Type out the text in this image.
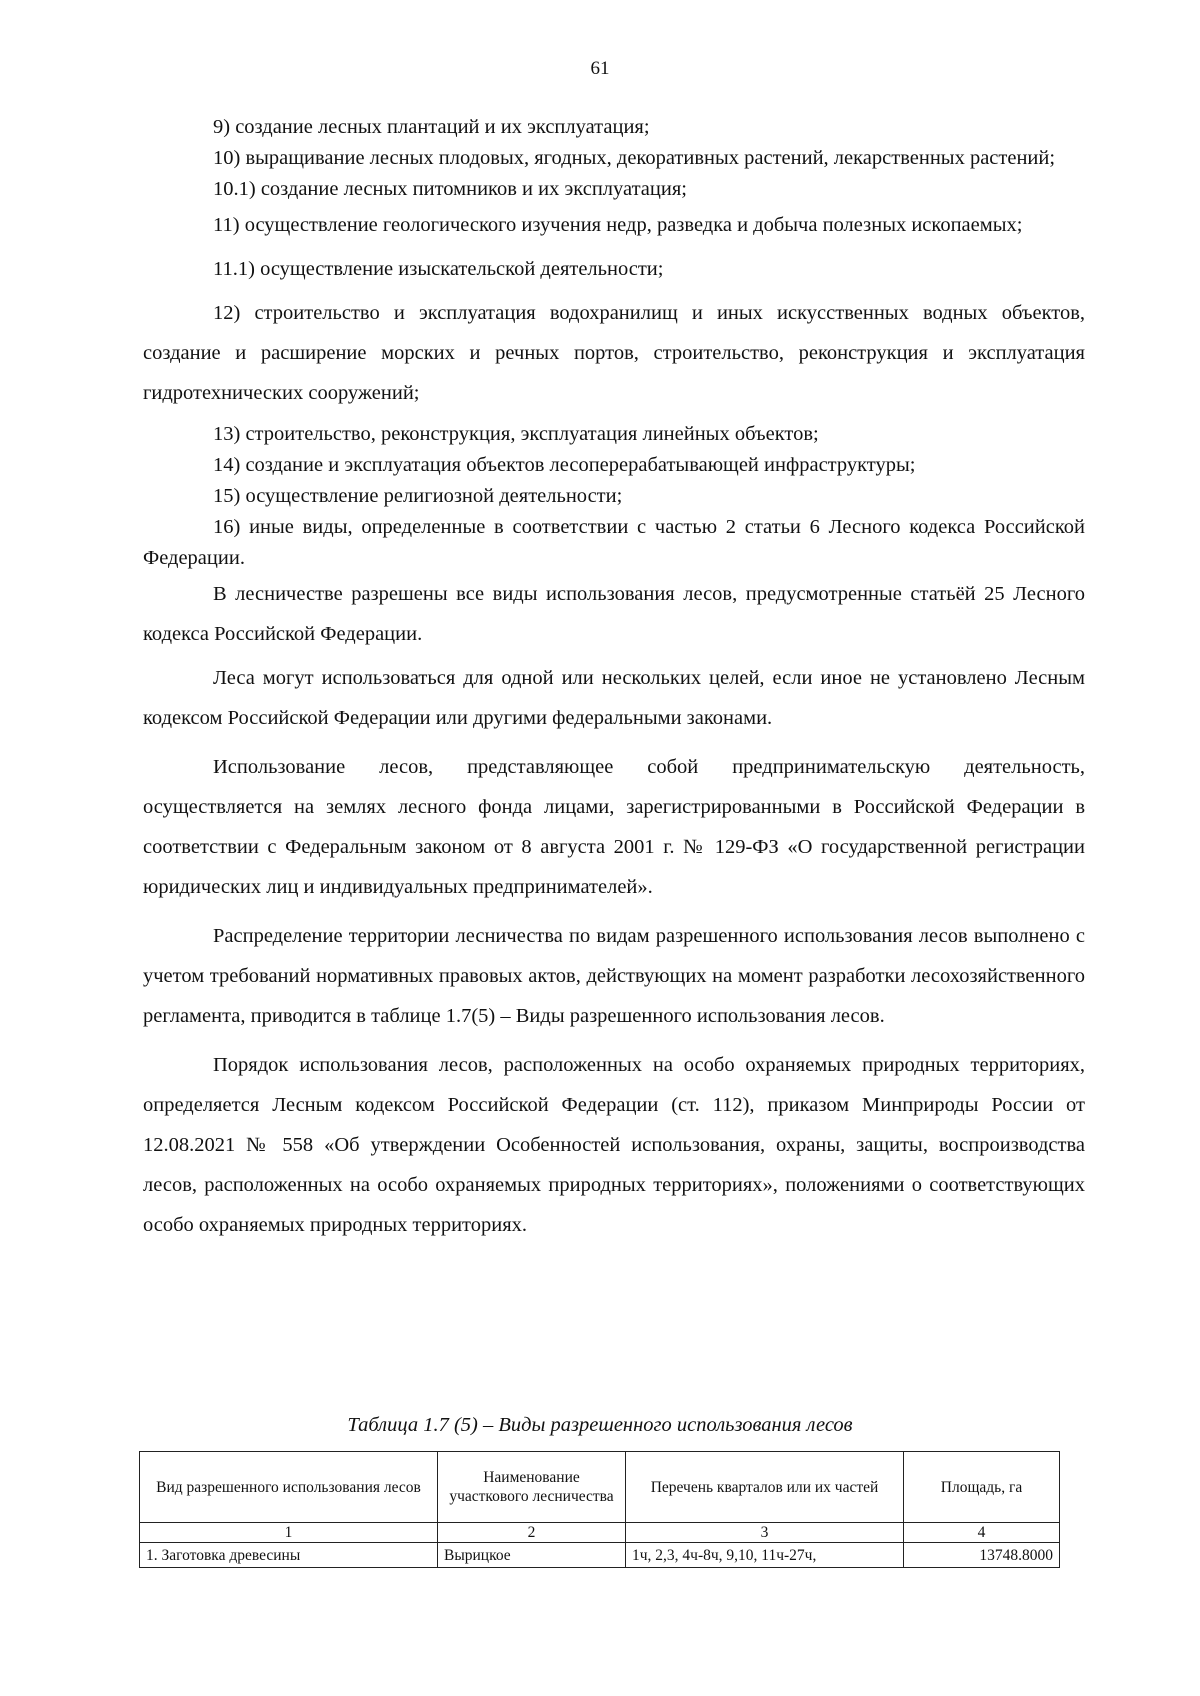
61

9) создание лесных плантаций и их эксплуатация;

10) выращивание лесных плодовых, ягодных, декоративных растений, лекарственных растений;

10.1) создание лесных питомников и их эксплуатация;

11) осуществление геологического изучения недр, разведка и добыча полезных ископаемых;

11.1) осуществление изыскательской деятельности;

12) строительство и эксплуатация водохранилищ и иных искусственных водных объектов, создание и расширение морских и речных портов, строительство, реконструкция и эксплуатация гидротехнических сооружений;

13) строительство, реконструкция, эксплуатация линейных объектов;

14) создание и эксплуатация объектов лесоперерабатывающей инфраструктуры;

15) осуществление религиозной деятельности;

16) иные виды, определенные в соответствии с частью 2 статьи 6 Лесного кодекса Российской Федерации.

В лесничестве разрешены все виды использования лесов, предусмотренные статьёй 25 Лесного кодекса Российской Федерации.

Леса могут использоваться для одной или нескольких целей, если иное не установлено Лесным кодексом Российской Федерации или другими федеральными законами.

Использование лесов, представляющее собой предпринимательскую деятельность, осуществляется на землях лесного фонда лицами, зарегистрированными в Российской Федерации в соответствии с Федеральным законом от 8 августа 2001 г. № 129-ФЗ «О государственной регистрации юридических лиц и индивидуальных предпринимателей».

Распределение территории лесничества по видам разрешенного использования лесов выполнено с учетом требований нормативных правовых актов, действующих на момент разработки лесохозяйственного регламента, приводится в таблице 1.7(5) – Виды разрешенного использования лесов.

Порядок использования лесов, расположенных на особо охраняемых природных территориях, определяется Лесным кодексом Российской Федерации (ст. 112), приказом Минприроды России от 12.08.2021 № 558 «Об утверждении Особенностей использования, охраны, защиты, воспроизводства лесов, расположенных на особо охраняемых природных территориях», положениями о соответствующих особо охраняемых природных территориях.

Таблица 1.7 (5) – Виды разрешенного использования лесов
Вид разрешенного использования лесов	Наименование участкового лесничества	Перечень кварталов или их частей	Площадь, га
1	2	3	4
1. Заготовка древесины	Вырицкое	1ч, 2,3, 4ч-8ч, 9,10, 11ч-27ч,	13748.8000
